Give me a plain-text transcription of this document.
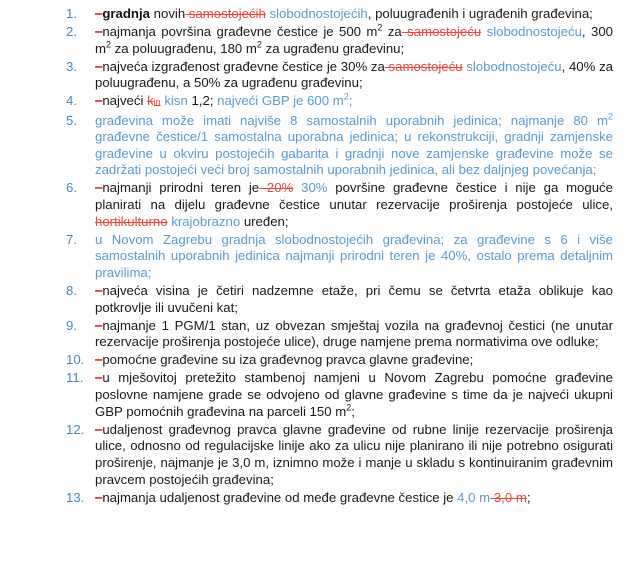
1.	–gradnja novih samostojećih slobodnostojećih, poluugrađenih i ugrađenih građevina;
2.	–najmanja površina građevne čestice je 500 $m^2$ za samostojeću slobodnostojeću, 300 $m^2$ za poluugrađenu, 180 $m^2$ za ugrađenu građevinu;
3.	–najveća izgrađenost građevne čestice je 30% za samostojeću slobodnostojeću, 40% za poluugrađenu, a 50% za ugrađenu građevinu;
4.	–najveći kin kisn 1,2; najveći GBP je 600 $m^2$;
5.	građevina može imati najviše 8 samostalnih uporabnih jedinica; najmanje 80 $m^2$ građevne čestice/1 samostalna uporabna jedinica; u rekonstrukciji, gradnji zamjenske građevine u okviru postojećih gabarita i gradnji nove zamjenske građevine može se zadržati postojeći veći broj samostalnih uporabnih jedinica, ali bez daljnjeg povećanja;
6.	–najmanji prirodni teren je 20% 30% površine građevne čestice i nije ga moguće planirati na dijelu građevne čestice unutar rezervacije proširenja postojeće ulice, hortikulturno krajobrazno uređen;
7.	u Novom Zagrebu gradnja slobodnostojećih građevina; za građevine s 6 i više samostalnih uporabnih jedinica najmanji prirodni teren je 40%, ostalo prema detaljnim pravilima;
8.	–najveća visina je četiri nadzemne etaže, pri čemu se četvrta etaža oblikuje kao potkrovlje ili uvučeni kat;
9.	–najmanje 1 PGM/1 stan, uz obvezan smještaj vozila na građevnoj čestici (ne unutar rezervacije proširenja postojeće ulice), druge namjene prema normativima ove odluke;
10. –pomoćne građevine su iza građevnog pravca glavne građevine;
11. –u mješovitoj pretežito stambenoj namjeni u Novom Zagrebu pomoćne građevine poslovne namjene grade se odvojeno od glavne građevine s time da je najveći ukupni GBP pomoćnih građevina na parceli 150 $m^2$;
12. –udaljenost građevnog pravca glavne građevine od rubne linije rezervacije proširenja ulice, odnosno od regulacijske linije ako za ulicu nije planirano ili nije potrebno osigurati proširenje, najmanje je 3,0 m, iznimno može i manje u skladu s kontinuiranim građevnim pravcem postojećih građevina;
13. –najmanja udaljenost građevine od međe građevne čestice je 4,0 m 3,0 m;
